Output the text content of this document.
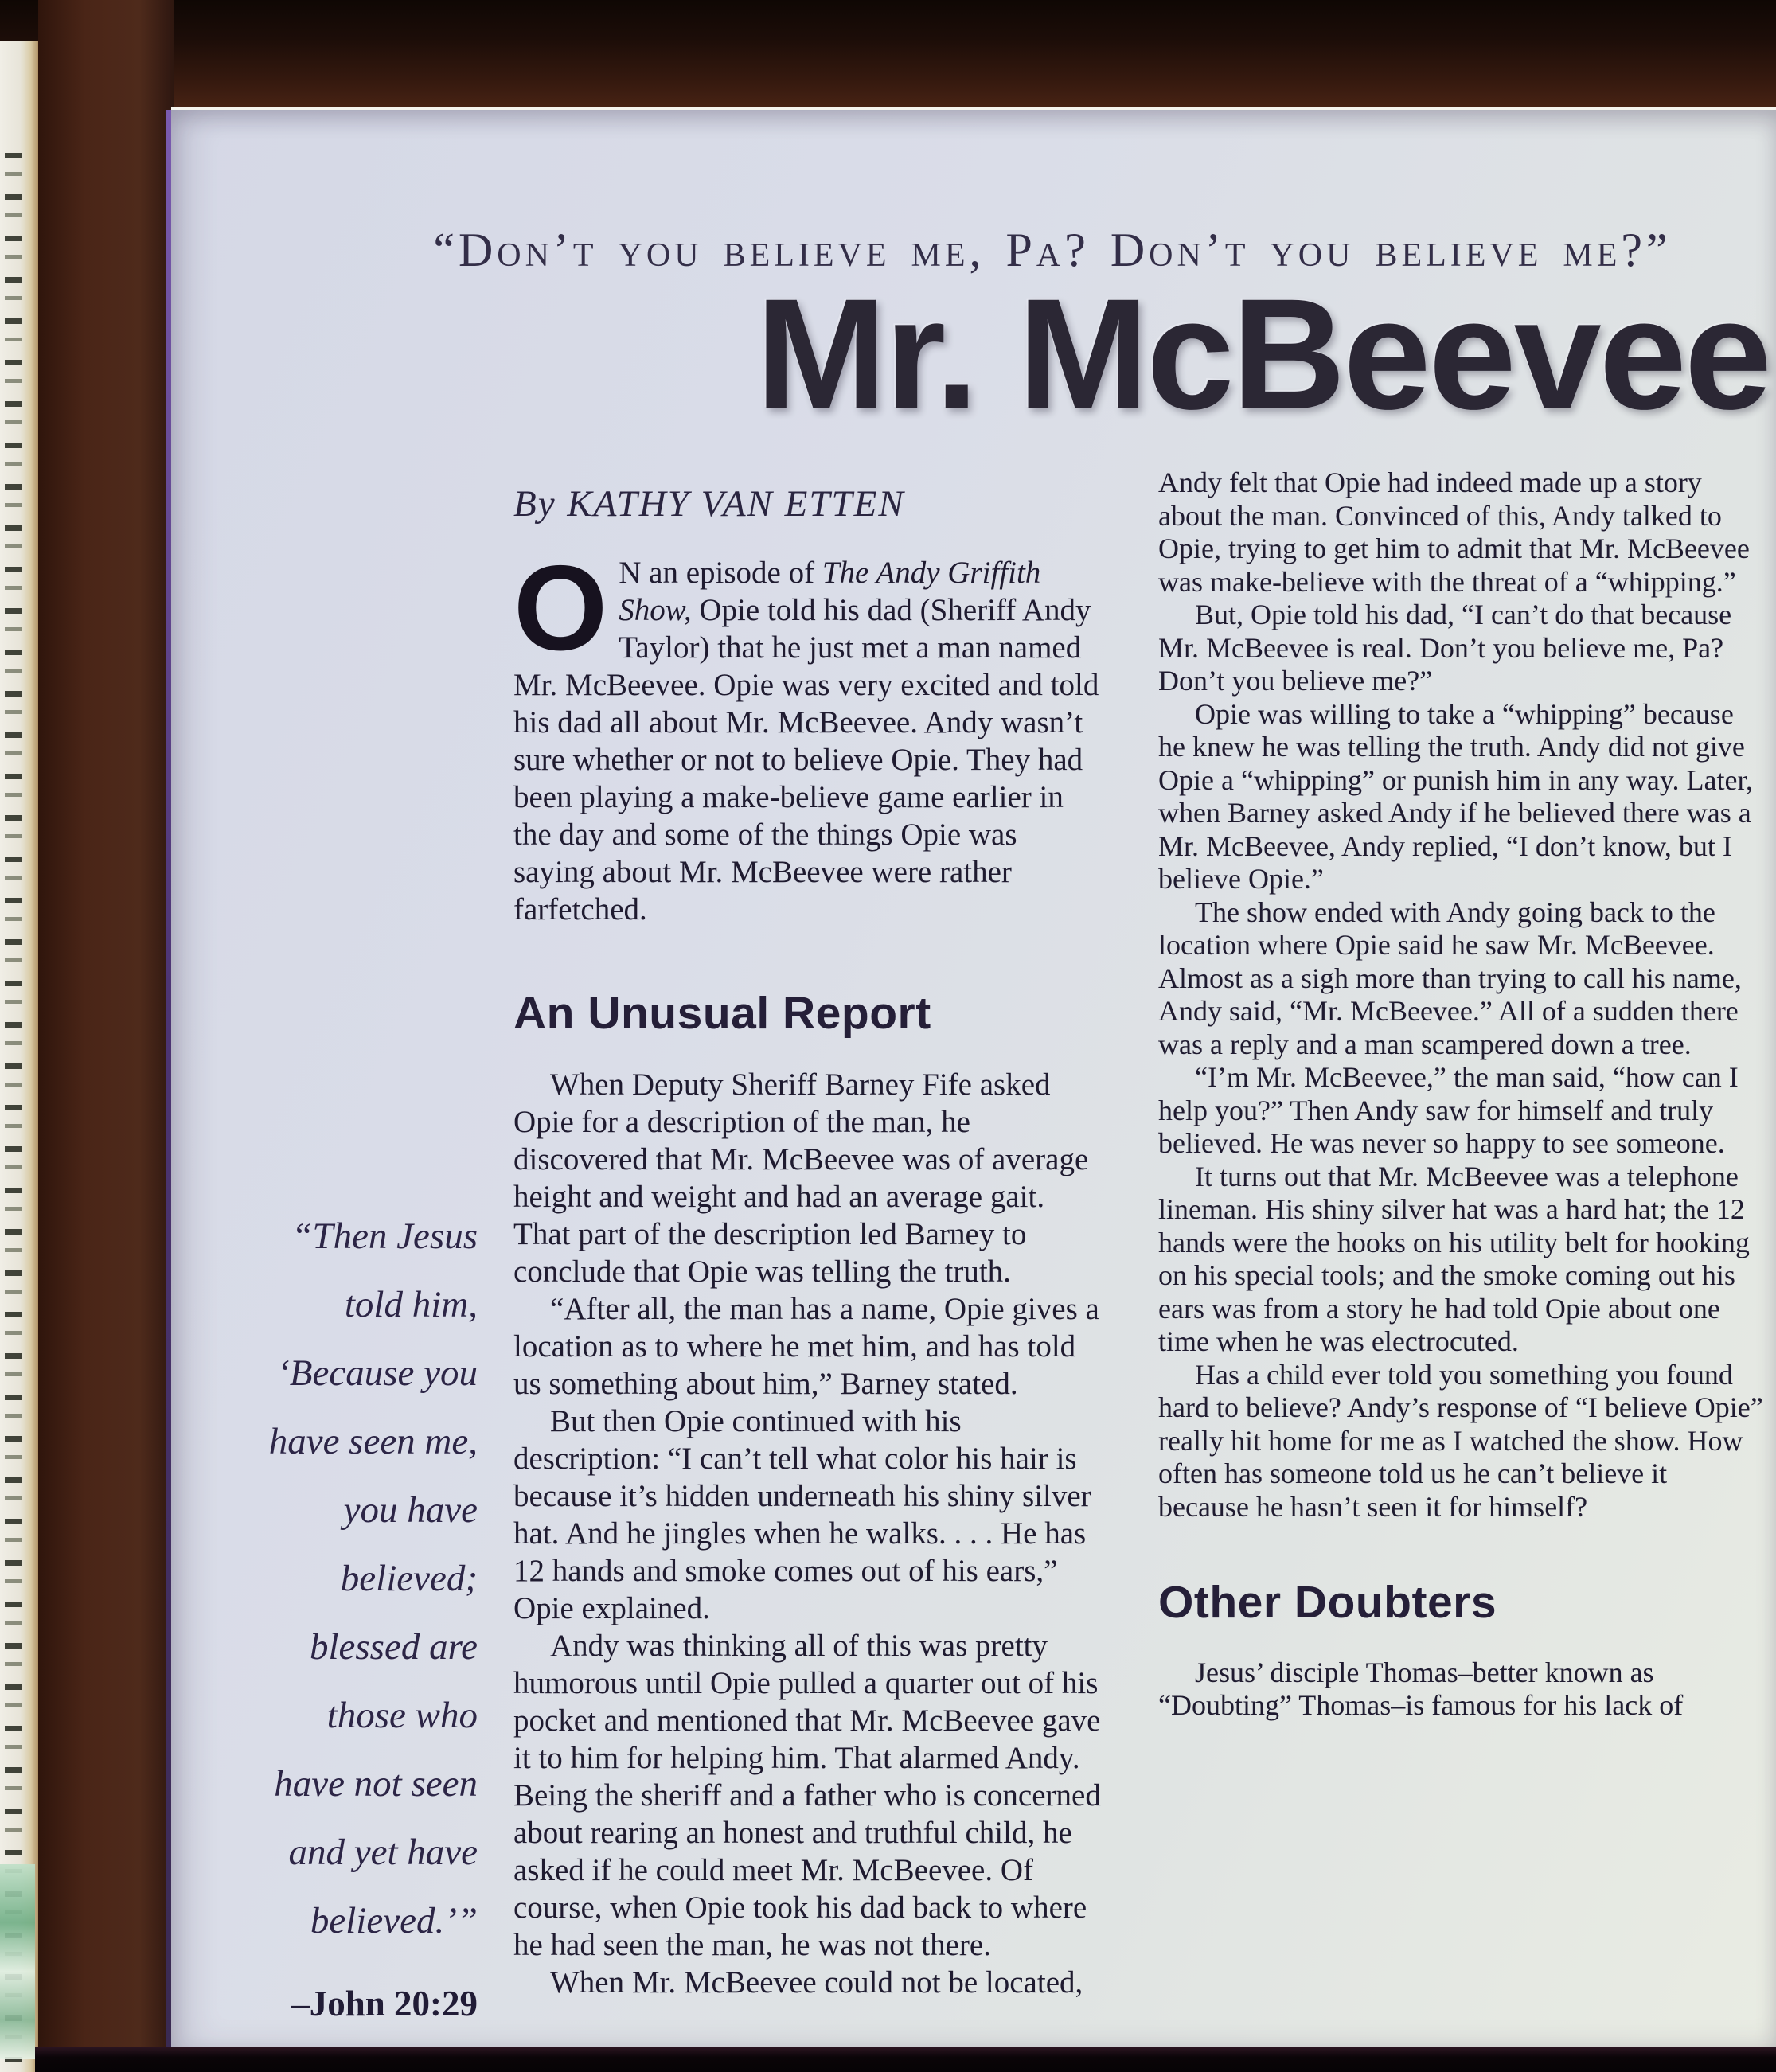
“Don’t you believe me, Pa? Don’t you believe me?”
Mr. McBeevee
By KATHY VAN ETTEN
“Then Jesus
told him,
‘Because you
have seen me,
you have
believed;
blessed are
those who
have not seen
and yet have
believed.’”
–John 20:29

O N an episode of The Andy Griffith Show, Opie told his dad (Sheriff Andy Taylor) that he just met a man named Mr. McBeevee. Opie was very excited and told his dad all about Mr. McBeevee. Andy wasn’t sure whether or not to believe Opie. They had been playing a make-believe game earlier in the day and some of the things Opie was saying about Mr. McBeevee were rather farfetched.

An Unusual Report

When Deputy Sheriff Barney Fife asked Opie for a description of the man, he discovered that Mr. McBeevee was of average height and weight and had an average gait. That part of the description led Barney to conclude that Opie was telling the truth.

“After all, the man has a name, Opie gives a location as to where he met him, and has told us something about him,” Barney stated.

But then Opie continued with his description: “I can’t tell what color his hair is because it’s hidden underneath his shiny silver hat. And he jingles when he walks. . . . He has 12 hands and smoke comes out of his ears,” Opie explained.

Andy was thinking all of this was pretty humorous until Opie pulled a quarter out of his pocket and mentioned that Mr. McBeevee gave it to him for helping him. That alarmed Andy. Being the sheriff and a father who is concerned about rearing an honest and truthful child, he asked if he could meet Mr. McBeevee. Of course, when Opie took his dad back to where he had seen the man, he was not there.

When Mr. McBeevee could not be located,

Andy felt that Opie had indeed made up a story about the man. Convinced of this, Andy talked to Opie, trying to get him to admit that Mr. McBeevee was make-believe with the threat of a “whipping.”

But, Opie told his dad, “I can’t do that because Mr. McBeevee is real. Don’t you believe me, Pa? Don’t you believe me?”

Opie was willing to take a “whipping” because he knew he was telling the truth. Andy did not give Opie a “whipping” or punish him in any way. Later, when Barney asked Andy if he believed there was a Mr. McBeevee, Andy replied, “I don’t know, but I believe Opie.”

The show ended with Andy going back to the location where Opie said he saw Mr. McBeevee. Almost as a sigh more than trying to call his name, Andy said, “Mr. McBeevee.” All of a sudden there was a reply and a man scampered down a tree.

“I’m Mr. McBeevee,” the man said, “how can I help you?” Then Andy saw for himself and truly believed. He was never so happy to see someone.

It turns out that Mr. McBeevee was a telephone lineman. His shiny silver hat was a hard hat; the 12 hands were the hooks on his utility belt for hooking on his special tools; and the smoke coming out his ears was from a story he had told Opie about one time when he was electrocuted.

Has a child ever told you something you found hard to believe? Andy’s response of “I believe Opie” really hit home for me as I watched the show. How often has someone told us he can’t believe it because he hasn’t seen it for himself?

Other Doubters

Jesus’ disciple Thomas–better known as “Doubting” Thomas–is famous for his lack of
